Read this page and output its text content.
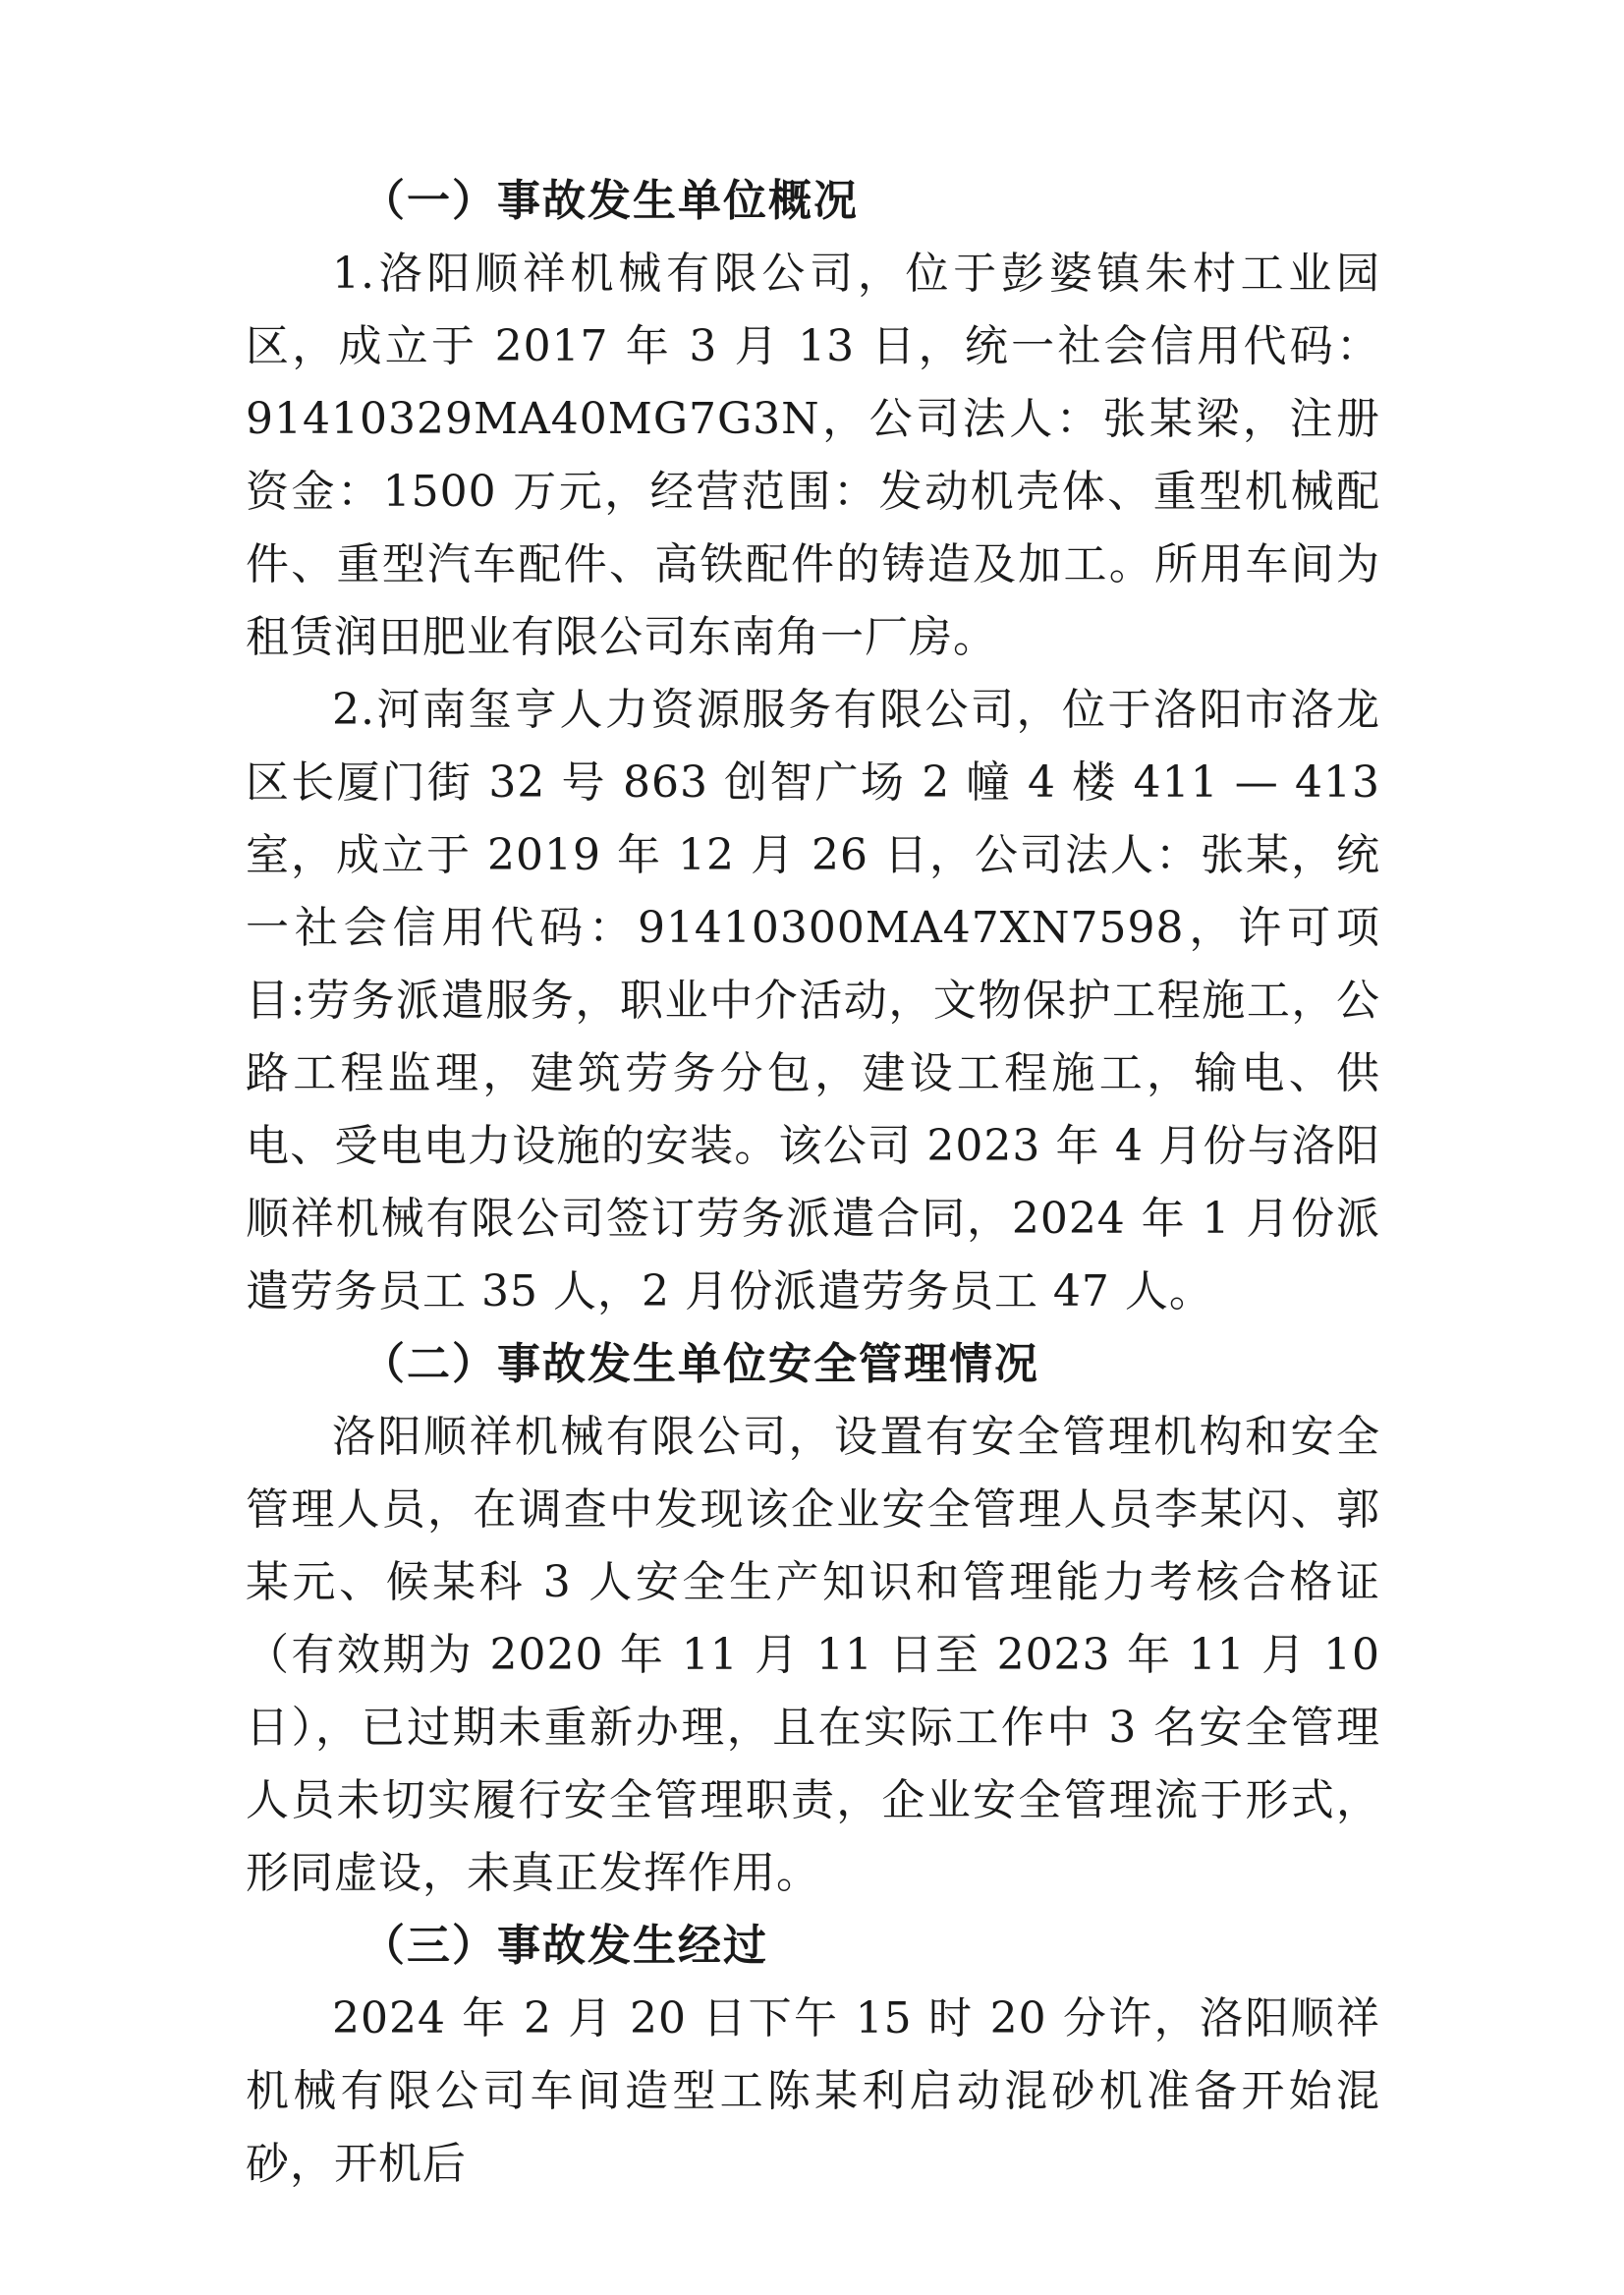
（一）事故发生单位概况

1.洛阳顺祥机械有限公司，位于彭婆镇朱村工业园区，成立于 2017 年 3 月 13 日，统一社会信用代码：91410329MA40MG7G3N，公司法人：张某梁，注册资金：1500 万元，经营范围：发动机壳体、重型机械配件、重型汽车配件、高铁配件的铸造及加工。所用车间为租赁润田肥业有限公司东南角一厂房。

2.河南玺亨人力资源服务有限公司，位于洛阳市洛龙区长厦门街 32 号 863 创智广场 2 幢 4 楼 411 — 413 室，成立于 2019 年 12 月 26 日，公司法人：张某，统一社会信用代码：91410300MA47XN7598，许可项目:劳务派遣服务，职业中介活动，文物保护工程施工，公路工程监理，建筑劳务分包，建设工程施工，输电、供电、受电电力设施的安装。该公司 2023 年 4 月份与洛阳顺祥机械有限公司签订劳务派遣合同，2024 年 1 月份派遣劳务员工 35 人，2 月份派遣劳务员工 47 人。

（二）事故发生单位安全管理情况

洛阳顺祥机械有限公司，设置有安全管理机构和安全管理人员，在调查中发现该企业安全管理人员李某闪、郭某元、候某科 3 人安全生产知识和管理能力考核合格证（有效期为 2020 年 11 月 11 日至 2023 年 11 月 10 日），已过期未重新办理，且在实际工作中 3 名安全管理人员未切实履行安全管理职责，企业安全管理流于形式，形同虚设，未真正发挥作用。

（三）事故发生经过

2024 年 2 月 20 日下午 15 时 20 分许，洛阳顺祥机械有限公司车间造型工陈某利启动混砂机准备开始混砂，开机后
